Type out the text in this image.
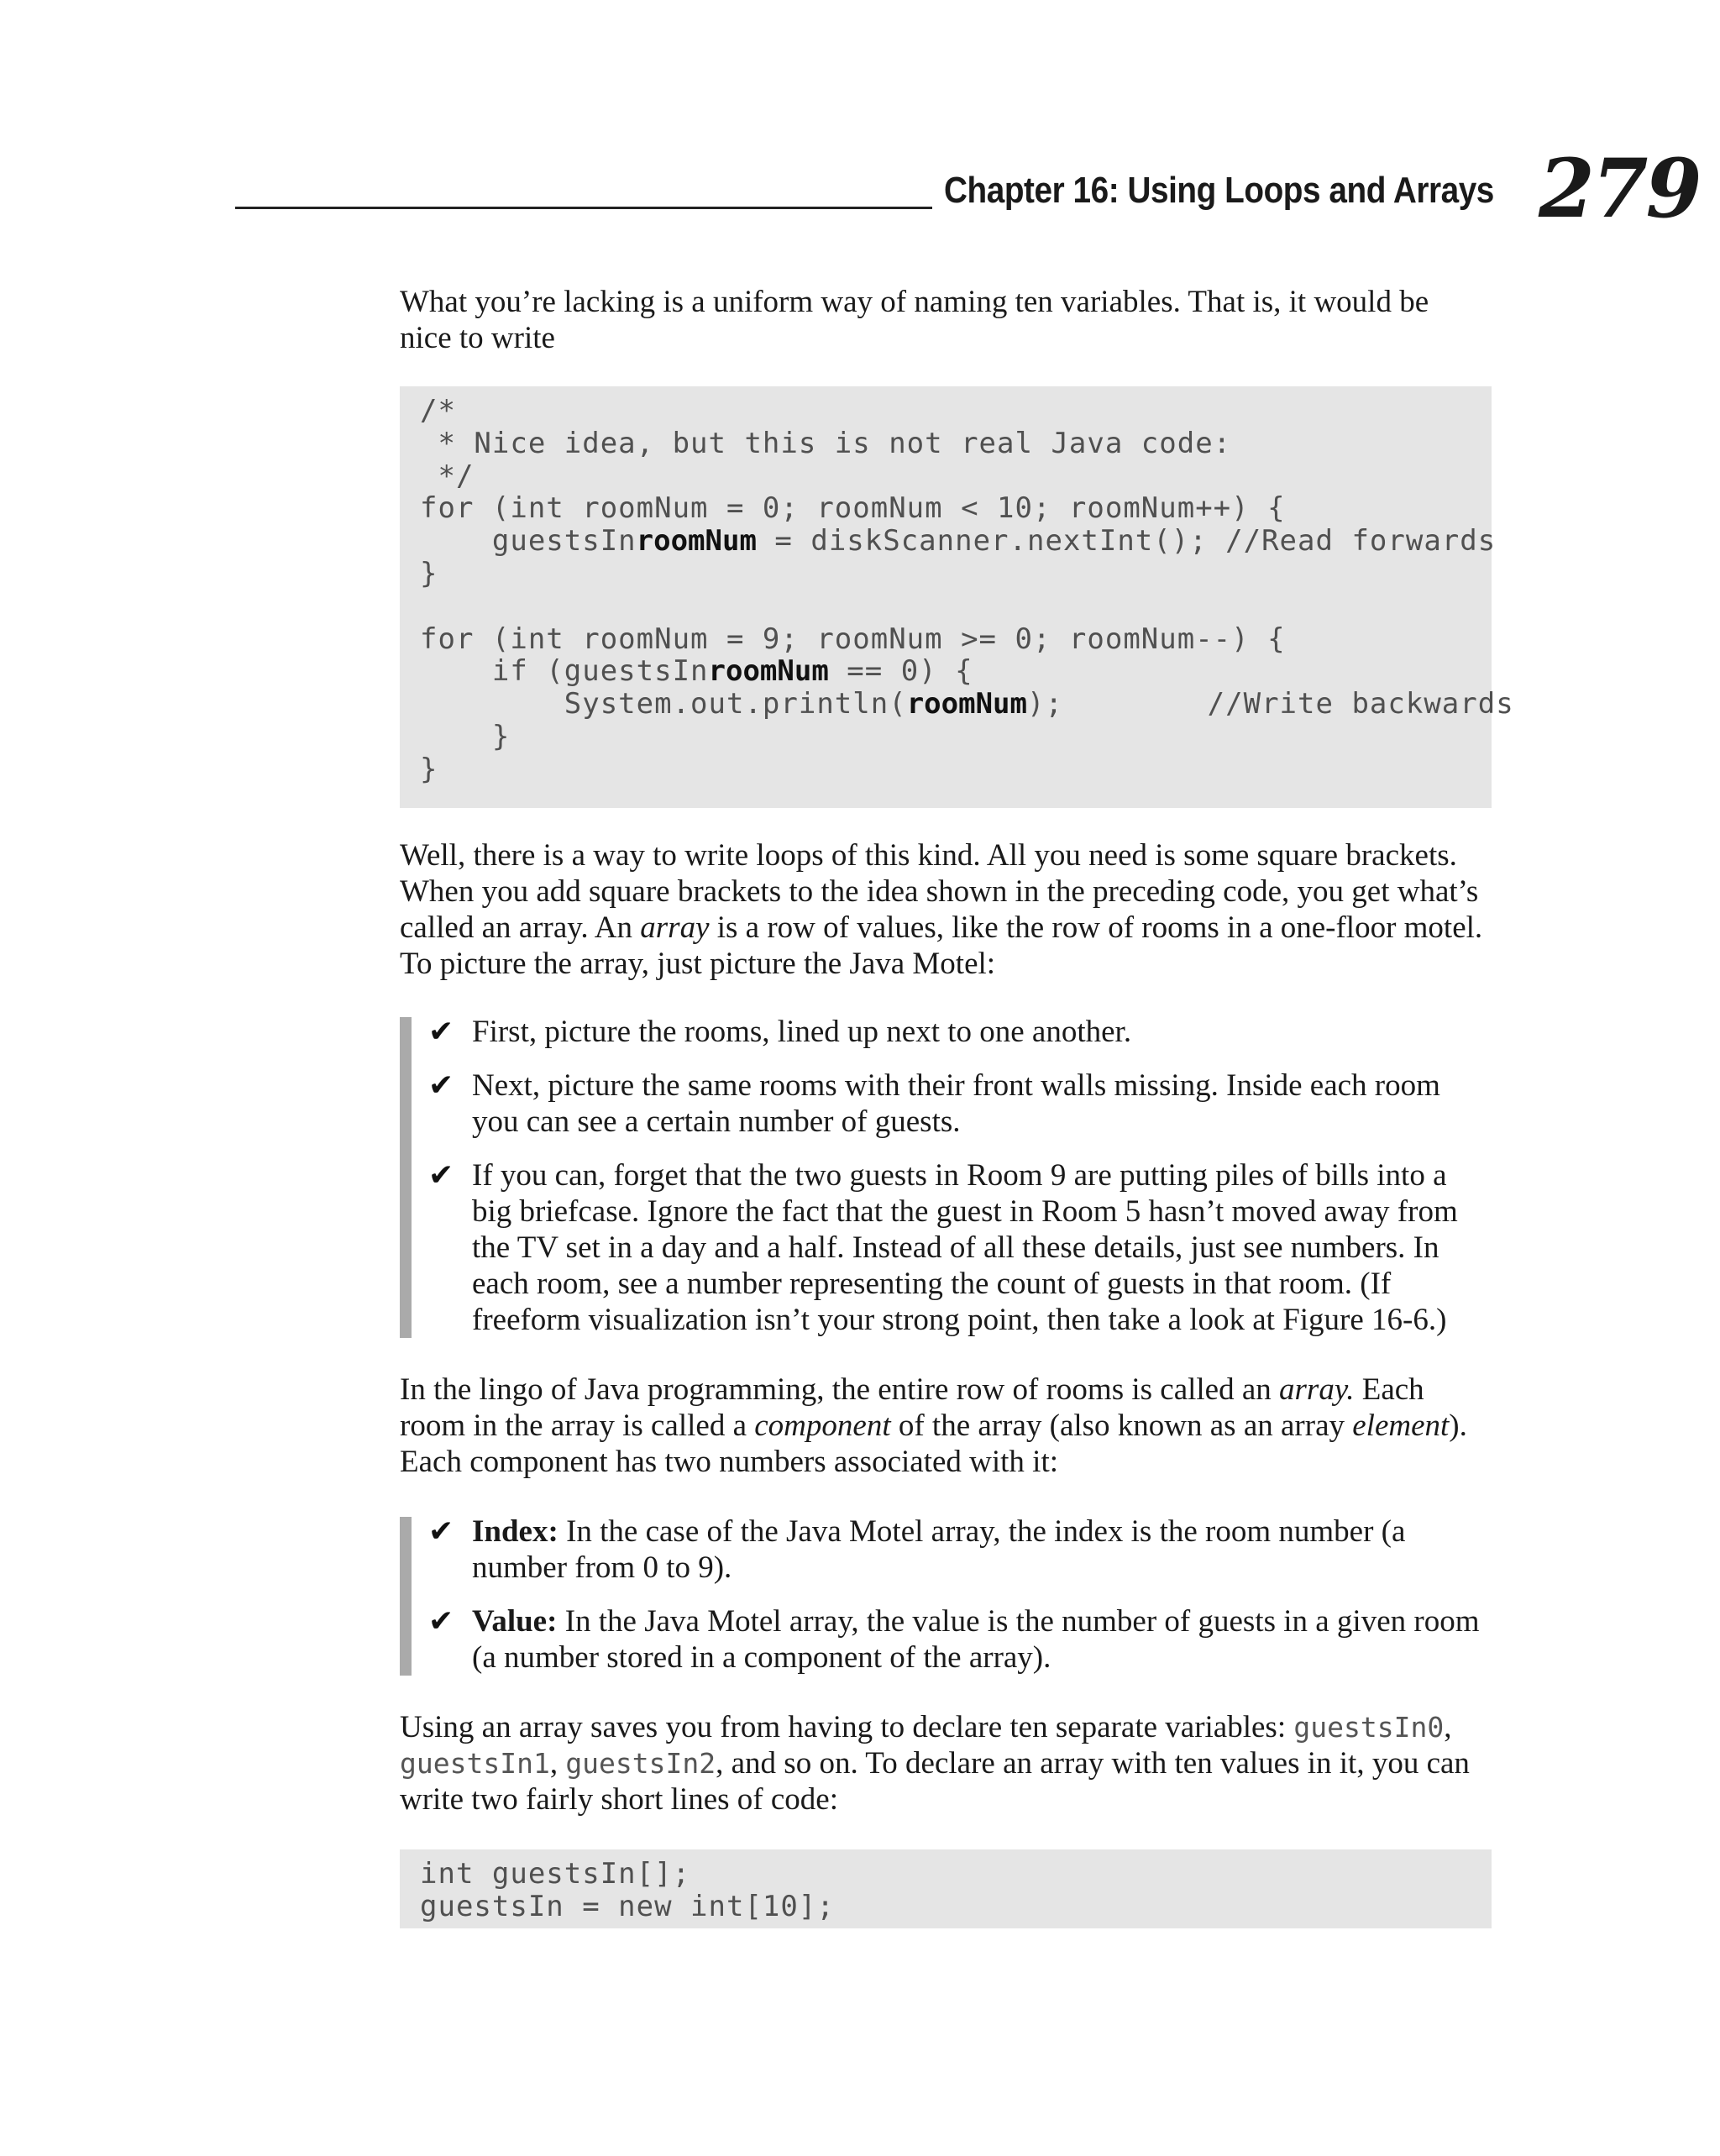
Chapter 16: Using Loops and Arrays 279

What you’re lacking is a uniform way of naming ten variables. That is, it would be nice to write

/*
* Nice idea, but this is not real Java code:
*/
for (int roomNum = 0; roomNum < 10; roomNum++) {
guestsInroomNum = diskScanner.nextInt(); //Read forwards
}

for (int roomNum = 9; roomNum >= 0; roomNum--) {
if (guestsInroomNum == 0) {
System.out.println(roomNum);        //Write backwards
}
}

Well, there is a way to write loops of this kind. All you need is some square brackets. When you add square brackets to the idea shown in the preceding code, you get what’s called an array. An array is a row of values, like the row of rooms in a one-floor motel. To picture the array, just picture the Java Motel:

✔ First, picture the rooms, lined up next to one another.
✔ Next, picture the same rooms with their front walls missing. Inside each room you can see a certain number of guests.
✔ If you can, forget that the two guests in Room 9 are putting piles of bills into a big briefcase. Ignore the fact that the guest in Room 5 hasn’t moved away from the TV set in a day and a half. Instead of all these details, just see numbers. In each room, see a number representing the count of guests in that room. (If freeform visualization isn’t your strong point, then take a look at Figure 16-6.)

In the lingo of Java programming, the entire row of rooms is called an array. Each room in the array is called a component of the array (also known as an array element). Each component has two numbers associated with it:

✔ Index: In the case of the Java Motel array, the index is the room number (a number from 0 to 9).
✔ Value: In the Java Motel array, the value is the number of guests in a given room (a number stored in a component of the array).

Using an array saves you from having to declare ten separate variables: guestsIn0, guestsIn1, guestsIn2, and so on. To declare an array with ten values in it, you can write two fairly short lines of code:

int guestsIn[];
guestsIn = new int[10];
